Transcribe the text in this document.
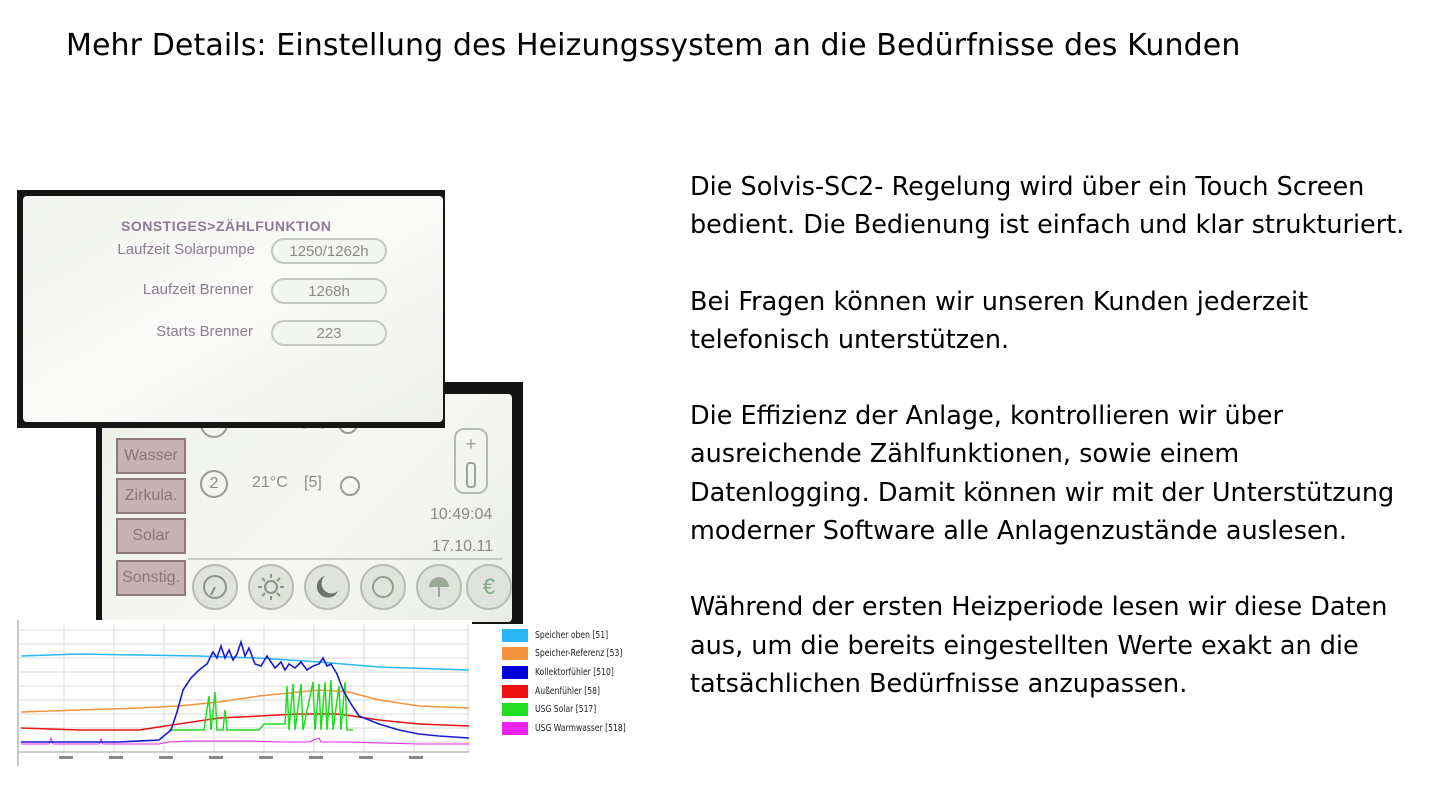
Mehr Details: Einstellung des Heizungssystem an die Bedürfnisse des Kunden
Wasser
Zirkula.
Solar
Sonstig.
2	21°C [5]
10:49:04
17.10.11
+
€
SONSTIGES>ZÄHLFUNKTION
Laufzeit Solarpumpe	1250/1262h
Laufzeit Brenner	1268h
Starts Brenner	223
Speicher oben [51]
Speicher-Referenz [53]
Kollektorfühler [510]
Außenfühler [58]
USG Solar [517]
USG Warmwasser [518]

Die Solvis-SC2- Regelung wird über ein Touch Screen bedient. Die Bedienung ist einfach und klar strukturiert.

Bei Fragen können wir unseren Kunden jederzeit telefonisch unterstützen.

Die Effizienz der Anlage, kontrollieren wir über ausreichende Zählfunktionen, sowie einem Datenlogging. Damit können wir mit der Unterstützung moderner Software alle Anlagenzustände auslesen.

Während der ersten Heizperiode lesen wir diese Daten aus, um die bereits eingestellten Werte exakt an die tatsächlichen Bedürfnisse anzupassen.
